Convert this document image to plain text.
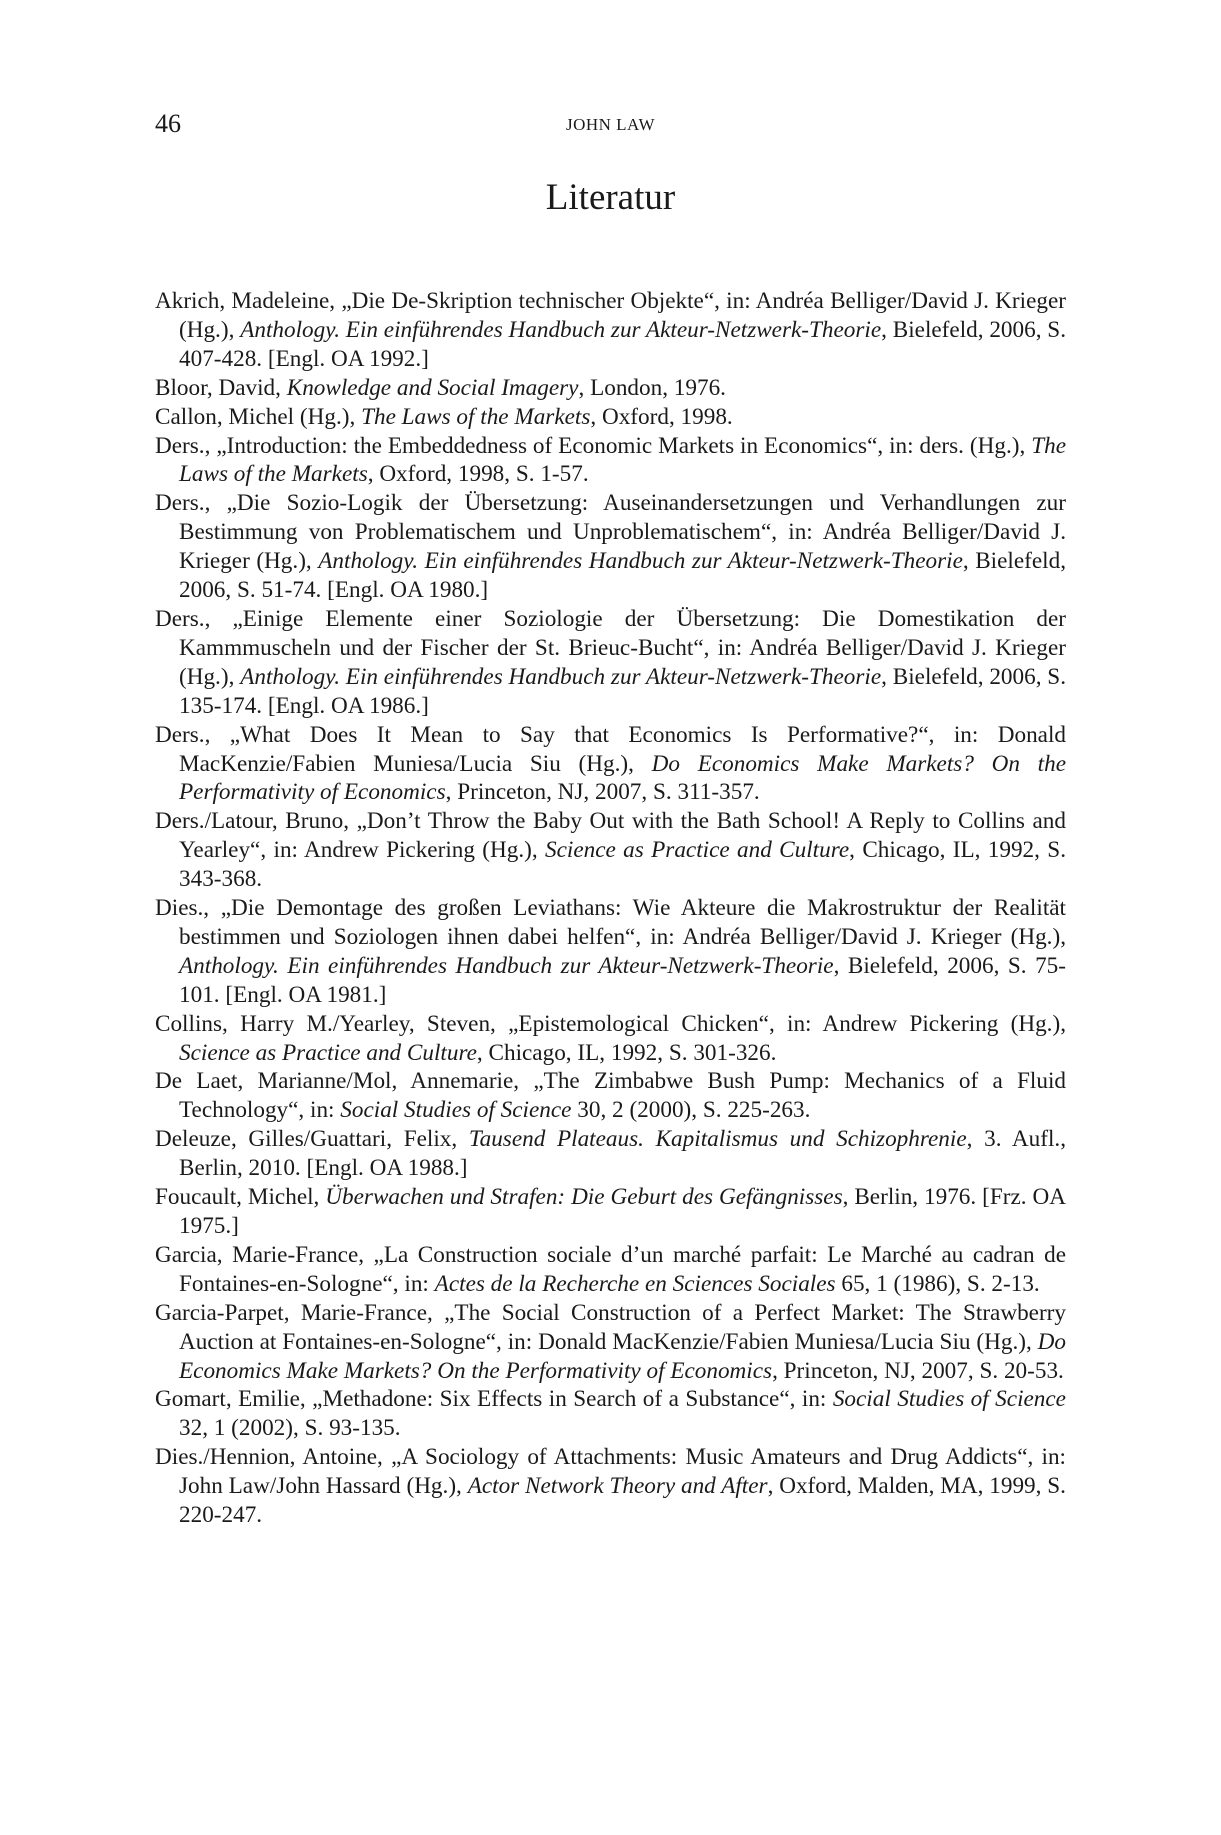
46	JOHN LAW
Literatur

Akrich, Madeleine, „Die De-Skription technischer Objekte“, in: Andréa Belliger/David J. Krieger (Hg.), Anthology. Ein einführendes Handbuch zur Akteur-Netzwerk-Theorie, Bielefeld, 2006, S. 407-428. [Engl. OA 1992.]

Bloor, David, Knowledge and Social Imagery, London, 1976.

Callon, Michel (Hg.), The Laws of the Markets, Oxford, 1998.

Ders., „Introduction: the Embeddedness of Economic Markets in Economics“, in: ders. (Hg.), The Laws of the Markets, Oxford, 1998, S. 1-57.

Ders., „Die Sozio-Logik der Übersetzung: Auseinandersetzungen und Verhandlungen zur Bestimmung von Problematischem und Unproblematischem“, in: Andréa Belliger/David J. Krieger (Hg.), Anthology. Ein einführendes Handbuch zur Akteur-Netzwerk-Theorie, Bielefeld, 2006, S. 51-74. [Engl. OA 1980.]

Ders., „Einige Elemente einer Soziologie der Übersetzung: Die Domestikation der Kammmuscheln und der Fischer der St. Brieuc-Bucht“, in: Andréa Belliger/David J. Krieger (Hg.), Anthology. Ein einführendes Handbuch zur Akteur-Netzwerk-Theorie, Bielefeld, 2006, S. 135-174. [Engl. OA 1986.]

Ders., „What Does It Mean to Say that Economics Is Performative?“, in: Donald MacKenzie/Fabien Muniesa/Lucia Siu (Hg.), Do Economics Make Markets? On the Performativity of Economics, Princeton, NJ, 2007, S. 311-357.

Ders./Latour, Bruno, „Don’t Throw the Baby Out with the Bath School! A Reply to Collins and Yearley“, in: Andrew Pickering (Hg.), Science as Practice and Culture, Chicago, IL, 1992, S. 343-368.

Dies., „Die Demontage des großen Leviathans: Wie Akteure die Makrostruktur der Realität bestimmen und Soziologen ihnen dabei helfen“, in: Andréa Belliger/David J. Krieger (Hg.), Anthology. Ein einführendes Handbuch zur Akteur-Netzwerk-Theorie, Bielefeld, 2006, S. 75-101. [Engl. OA 1981.]

Collins, Harry M./Yearley, Steven, „Epistemological Chicken“, in: Andrew Pickering (Hg.), Science as Practice and Culture, Chicago, IL, 1992, S. 301-326.

De Laet, Marianne/Mol, Annemarie, „The Zimbabwe Bush Pump: Mechanics of a Fluid Technology“, in: Social Studies of Science 30, 2 (2000), S. 225-263.

Deleuze, Gilles/Guattari, Felix, Tausend Plateaus. Kapitalismus und Schizophrenie, 3. Aufl., Berlin, 2010. [Engl. OA 1988.]

Foucault, Michel, Überwachen und Strafen: Die Geburt des Gefängnisses, Berlin, 1976. [Frz. OA 1975.]

Garcia, Marie-France, „La Construction sociale d’un marché parfait: Le Marché au cadran de Fontaines-en-Sologne“, in: Actes de la Recherche en Sciences Sociales 65, 1 (1986), S. 2-13.

Garcia-Parpet, Marie-France, „The Social Construction of a Perfect Market: The Strawberry Auction at Fontaines-en-Sologne“, in: Donald MacKenzie/Fabien Muniesa/Lucia Siu (Hg.), Do Economics Make Markets? On the Performativity of Economics, Princeton, NJ, 2007, S. 20-53.

Gomart, Emilie, „Methadone: Six Effects in Search of a Substance“, in: Social Studies of Science 32, 1 (2002), S. 93-135.

Dies./Hennion, Antoine, „A Sociology of Attachments: Music Amateurs and Drug Addicts“, in: John Law/John Hassard (Hg.), Actor Network Theory and After, Oxford, Malden, MA, 1999, S. 220-247.
